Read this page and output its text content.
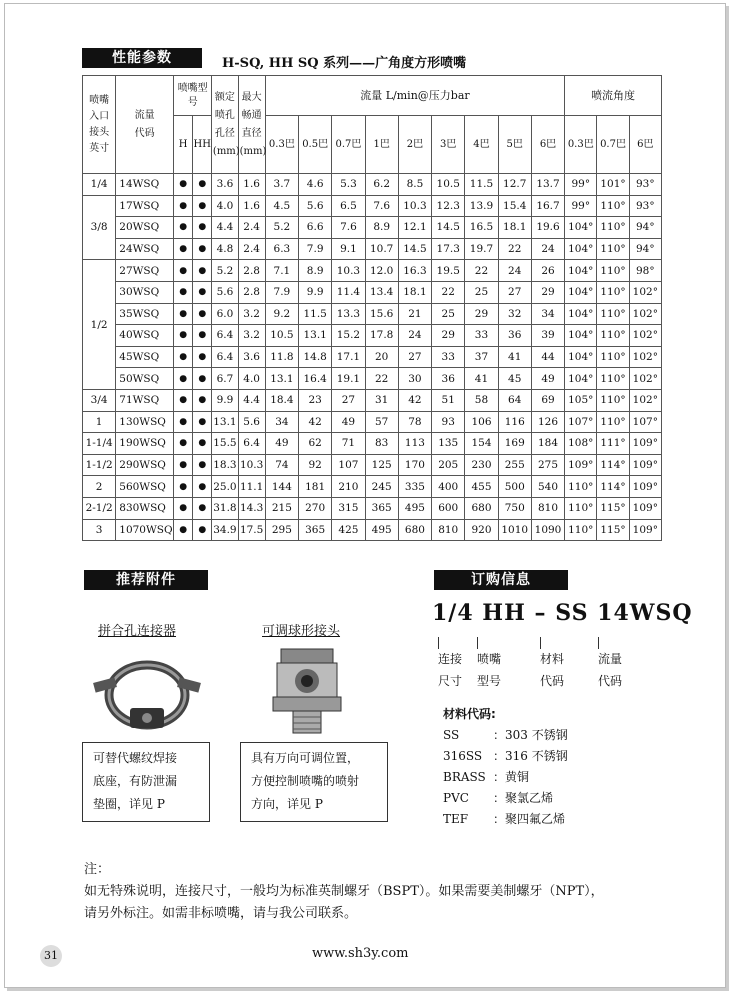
性能参数	H-SQ, HH SQ 系列——广角度方形喷嘴
喷嘴入口接头英寸	流量代码	喷嘴型号		额定喷孔孔径(mm)	最大畅通直径(mm)	流量 L/min@压力bar									喷流角度		
		H	HH			0.3巴	0.5巴	0.7巴	1巴	2巴	3巴	4巴	5巴	6巴	0.3巴	0.7巴	6巴
1/4	14WSQ	●	●	3.6	1.6	3.7	4.6	5.3	6.2	8.5	10.5	11.5	12.7	13.7	99°	101°	93°
3/8	17WSQ	●	●	4.0	1.6	4.5	5.6	6.5	7.6	10.3	12.3	13.9	15.4	16.7	99°	110°	93°
	20WSQ	●	●	4.4	2.4	5.2	6.6	7.6	8.9	12.1	14.5	16.5	18.1	19.6	104°	110°	94°
	24WSQ	●	●	4.8	2.4	6.3	7.9	9.1	10.7	14.5	17.3	19.7	22	24	104°	110°	94°
1/2	27WSQ	●	●	5.2	2.8	7.1	8.9	10.3	12.0	16.3	19.5	22	24	26	104°	110°	98°
	30WSQ	●	●	5.6	2.8	7.9	9.9	11.4	13.4	18.1	22	25	27	29	104°	110°	102°
	35WSQ	●	●	6.0	3.2	9.2	11.5	13.3	15.6	21	25	29	32	34	104°	110°	102°
	40WSQ	●	●	6.4	3.2	10.5	13.1	15.2	17.8	24	29	33	36	39	104°	110°	102°
	45WSQ	●	●	6.4	3.6	11.8	14.8	17.1	20	27	33	37	41	44	104°	110°	102°
	50WSQ	●	●	6.7	4.0	13.1	16.4	19.1	22	30	36	41	45	49	104°	110°	102°
3/4	71WSQ	●	●	9.9	4.4	18.4	23	27	31	42	51	58	64	69	105°	110°	102°
1	130WSQ	●	●	13.1	5.6	34	42	49	57	78	93	106	116	126	107°	110°	107°
1-1/4	190WSQ	●	●	15.5	6.4	49	62	71	83	113	135	154	169	184	108°	111°	109°
1-1/2	290WSQ	●	●	18.3	10.3	74	92	107	125	170	205	230	255	275	109°	114°	109°
2	560WSQ	●	●	25.0	11.1	144	181	210	245	335	400	455	500	540	110°	114°	109°
2-1/2	830WSQ	●	●	31.8	14.3	215	270	315	365	495	600	680	750	810	110°	115°	109°
3	1070WSQ	●	●	34.9	17.5	295	365	425	495	680	810	920	1010	1090	110°	115°	109°
推荐附件
拼合孔连接器	可调球形接头
可替代螺纹焊接
底座，有防泄漏
垫圈，详见 P
具有万向可调位置，
方便控制喷嘴的喷射
方向，详见 P
订购信息
1/4 HH – SS 14WSQ
连接
尺寸
喷嘴
型号
材料
代码
流量
代码
材料代码:
SS	：303 不锈钢
316SS ：316 不锈钢
BRASS ：黄铜
PVC ：聚氯乙烯
TEF ：聚四氟乙烯
注：
如无特殊说明，连接尺寸，一般均为标准英制螺牙（BSPT）。如果需要美制螺牙（NPT），
请另外标注。如需非标喷嘴，请与我公司联系。
31	www.sh3y.com
